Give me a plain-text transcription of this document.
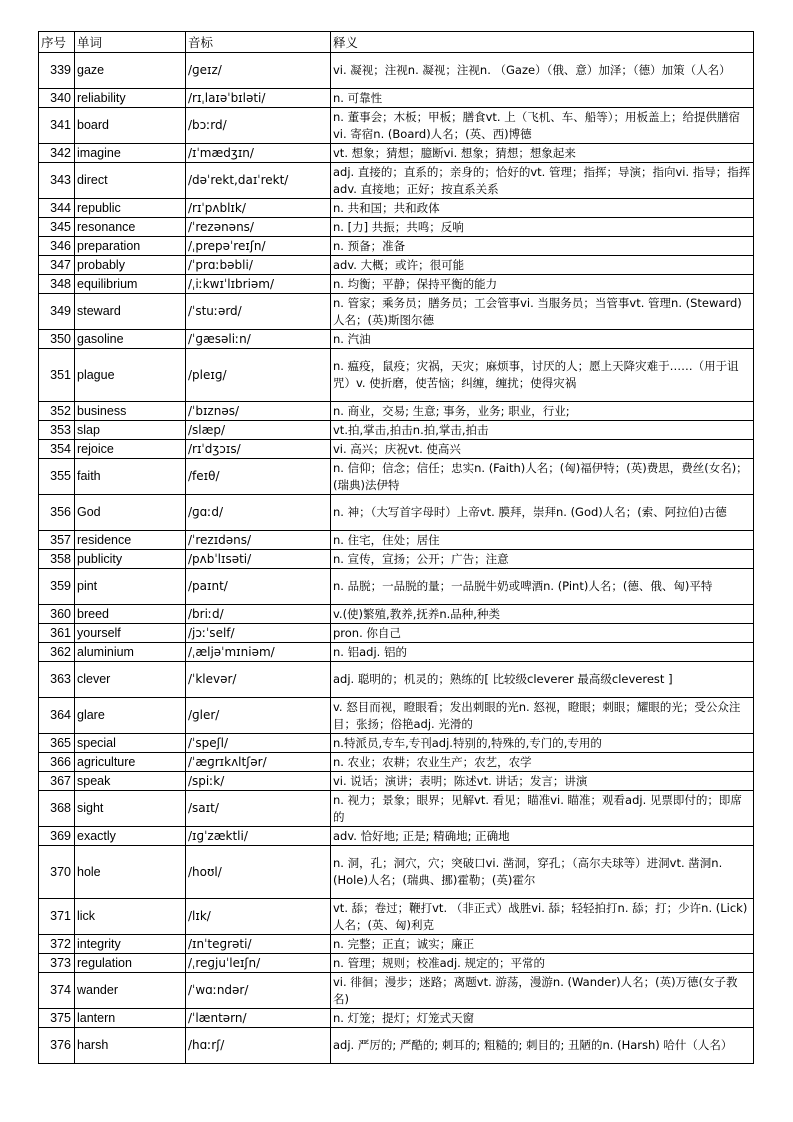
序号	单词	音标	释义
339	gaze	/ɡeɪz/	vi. 凝视；注视n. 凝视；注视n. （Gaze）（俄、意）加泽；（德）加策（人名）
340	reliability	/rɪˌlaɪəˈbɪləti/	n. 可靠性
341	board	/bɔːrd/	n. 董事会；木板；甲板；膳食vt. 上（飞机、车、船等）；用板盖上；给提供膳宿vi. 寄宿n. (Board)人名；(英、西)博德
342	imagine	/ɪˈmædʒɪn/	vt. 想象；猜想；臆断vi. 想象；猜想；想象起来
343	direct	/dəˈrekt,daɪˈrekt/	adj. 直接的；直系的；亲身的；恰好的vt. 管理；指挥；导演；指向vi. 指导；指挥adv. 直接地；正好；按直系关系
344	republic	/rɪˈpʌblɪk/	n. 共和国；共和政体
345	resonance	/ˈrezənəns/	n. [力] 共振；共鸣；反响
346	preparation	/ˌprepəˈreɪʃn/	n. 预备；准备
347	probably	/ˈprɑːbəbli/	adv. 大概；或许；很可能
348	equilibrium	/ˌiːkwɪˈlɪbriəm/	n. 均衡；平静；保持平衡的能力
349	steward	/ˈstuːərd/	n. 管家；乘务员；膳务员；工会管事vi. 当服务员；当管事vt. 管理n. (Steward)人名；(英)斯图尔德
350	gasoline	/ˈɡæsəliːn/	n. 汽油
351	plague	/pleɪɡ/	n. 瘟疫，鼠疫；灾祸，天灾；麻烦事，讨厌的人；愿上天降灾难于……（用于诅咒）v. 使折磨，使苦恼；纠缠，缠扰；使得灾祸
352	business	/ˈbɪznəs/	n. 商业，交易; 生意; 事务，业务; 职业，行业;
353	slap	/slæp/	vt.拍,掌击,拍击n.拍,掌击,拍击
354	rejoice	/rɪˈdʒɔɪs/	vi. 高兴；庆祝vt. 使高兴
355	faith	/feɪθ/	n. 信仰；信念；信任；忠实n. (Faith)人名；(匈)福伊特；(英)费思，费丝(女名)；(瑞典)法伊特
356	God	/ɡɑːd/	n. 神；（大写首字母时）上帝vt. 膜拜，崇拜n. (God)人名；(索、阿拉伯)古德
357	residence	/ˈrezɪdəns/	n. 住宅，住处；居住
358	publicity	/pʌbˈlɪsəti/	n. 宣传，宣扬；公开；广告；注意
359	pint	/paɪnt/	n. 品脱；一品脱的量；一品脱牛奶或啤酒n. (Pint)人名；(德、俄、匈)平特
360	breed	/briːd/	v.(使)繁殖,教养,抚养n.品种,种类
361	yourself	/jɔːˈself/	pron. 你自己
362	aluminium	/ˌæljəˈmɪniəm/	n. 铝adj. 铝的
363	clever	/ˈklevər/	adj. 聪明的；机灵的；熟练的[ 比较级cleverer 最高级cleverest ]
364	glare	/ɡler/	v. 怒目而视，瞪眼看；发出刺眼的光n. 怒视，瞪眼；刺眼；耀眼的光；受公众注目；张扬；俗艳adj. 光滑的
365	special	/ˈspeʃl/	n.特派员,专车,专刊adj.特别的,特殊的,专门的,专用的
366	agriculture	/ˈæɡrɪkʌltʃər/	n. 农业；农耕；农业生产；农艺，农学
367	speak	/spiːk/	vi. 说话；演讲；表明；陈述vt. 讲话；发言；讲演
368	sight	/saɪt/	n. 视力；景象；眼界；见解vt. 看见；瞄准vi. 瞄准；观看adj. 见票即付的；即席的
369	exactly	/ɪɡˈzæktli/	adv. 恰好地; 正是; 精确地; 正确地
370	hole	/hoʊl/	n. 洞，孔；洞穴，穴；突破口vi. 凿洞，穿孔；（高尔夫球等）进洞vt. 凿洞n. (Hole)人名；(瑞典、挪)霍勒；(英)霍尔
371	lick	/lɪk/	vt. 舔；卷过；鞭打vt. （非正式）战胜vi. 舔；轻轻拍打n. 舔；打；少许n. (Lick)人名；(英、匈)利克
372	integrity	/ɪnˈteɡrəti/	n. 完整；正直；诚实；廉正
373	regulation	/ˌreɡjuˈleɪʃn/	n. 管理；规则；校准adj. 规定的；平常的
374	wander	/ˈwɑːndər/	vi. 徘徊；漫步；迷路；离题vt. 游荡，漫游n. (Wander)人名；(英)万德(女子教名)
375	lantern	/ˈlæntərn/	n. 灯笼；提灯；灯笼式天窗
376	harsh	/hɑːrʃ/	adj. 严厉的; 严酷的; 刺耳的; 粗糙的; 刺目的; 丑陋的n. (Harsh) 哈什（人名）
